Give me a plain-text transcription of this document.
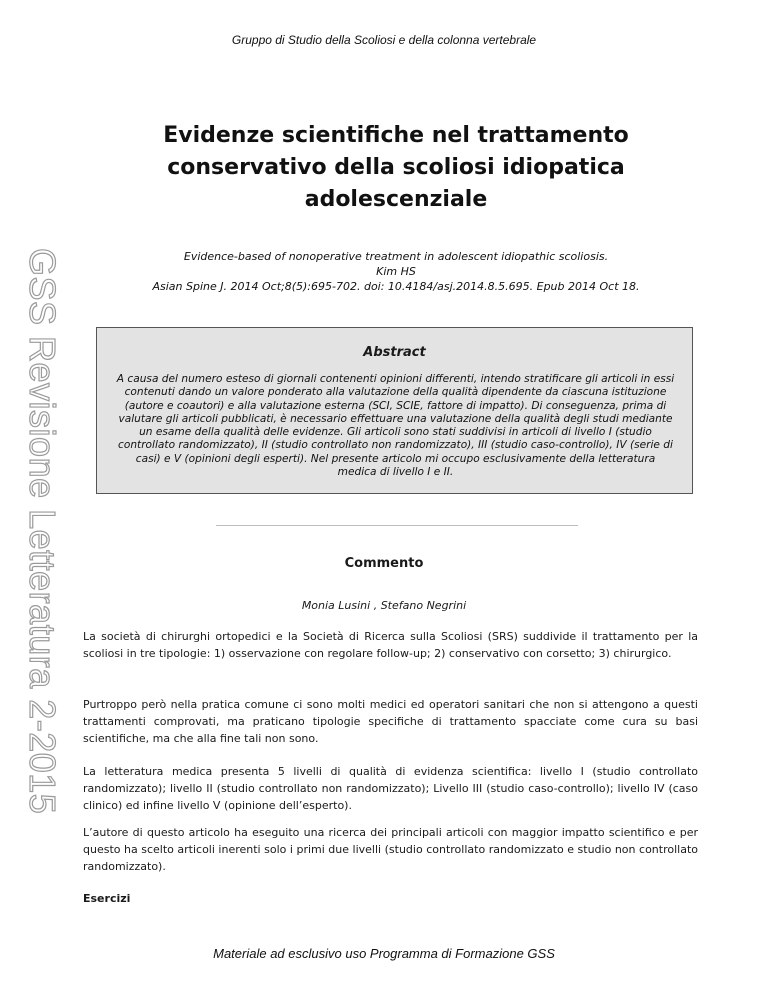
Gruppo di Studio della Scoliosi e della colonna vertebrale
GSS Revisione Letteratura 2-2015
Evidenze scientifiche nel trattamento conservativo della scoliosi idiopatica adolescenziale
Evidence-based of nonoperative treatment in adolescent idiopathic scoliosis.
Kim HS
Asian Spine J. 2014 Oct;8(5):695-702. doi: 10.4184/asj.2014.8.5.695. Epub 2014 Oct 18.
Abstract
A causa del numero esteso di giornali contenenti opinioni differenti, intendo stratificare gli articoli in essi contenuti dando un valore ponderato alla valutazione della qualità dipendente da ciascuna istituzione (autore e coautori) e alla valutazione esterna (SCI, SCIE, fattore di impatto). Di conseguenza, prima di valutare gli articoli pubblicati, è necessario effettuare una valutazione della qualità degli studi mediante un esame della qualità delle evidenze. Gli articoli sono stati suddivisi in articoli di livello I (studio controllato randomizzato), II (studio controllato non randomizzato), III (studio caso-controllo), IV (serie di casi) e V (opinioni degli esperti). Nel presente articolo mi occupo esclusivamente della letteratura medica di livello I e II.
Commento
Monia Lusini , Stefano Negrini
La società di chirurghi ortopedici e la Società di Ricerca sulla Scoliosi (SRS) suddivide il trattamento per la scoliosi in tre tipologie: 1) osservazione con regolare follow-up; 2) conservativo con corsetto; 3) chirurgico.
Purtroppo però nella pratica comune ci sono molti medici ed operatori sanitari che non si attengono a questi trattamenti comprovati, ma praticano tipologie specifiche di trattamento spacciate come cura su basi scientifiche, ma che alla fine tali non sono.
La letteratura medica presenta 5 livelli di qualità di evidenza scientifica: livello I (studio controllato randomizzato); livello II (studio controllato non randomizzato); Livello III (studio caso-controllo); livello IV (caso clinico) ed infine livello V (opinione dell’esperto).
L’autore di questo articolo ha eseguito una ricerca dei principali articoli con maggior impatto scientifico e per questo ha scelto articoli inerenti solo i primi due livelli (studio controllato randomizzato e studio non controllato randomizzato).
Esercizi
Materiale ad esclusivo uso Programma di Formazione GSS
